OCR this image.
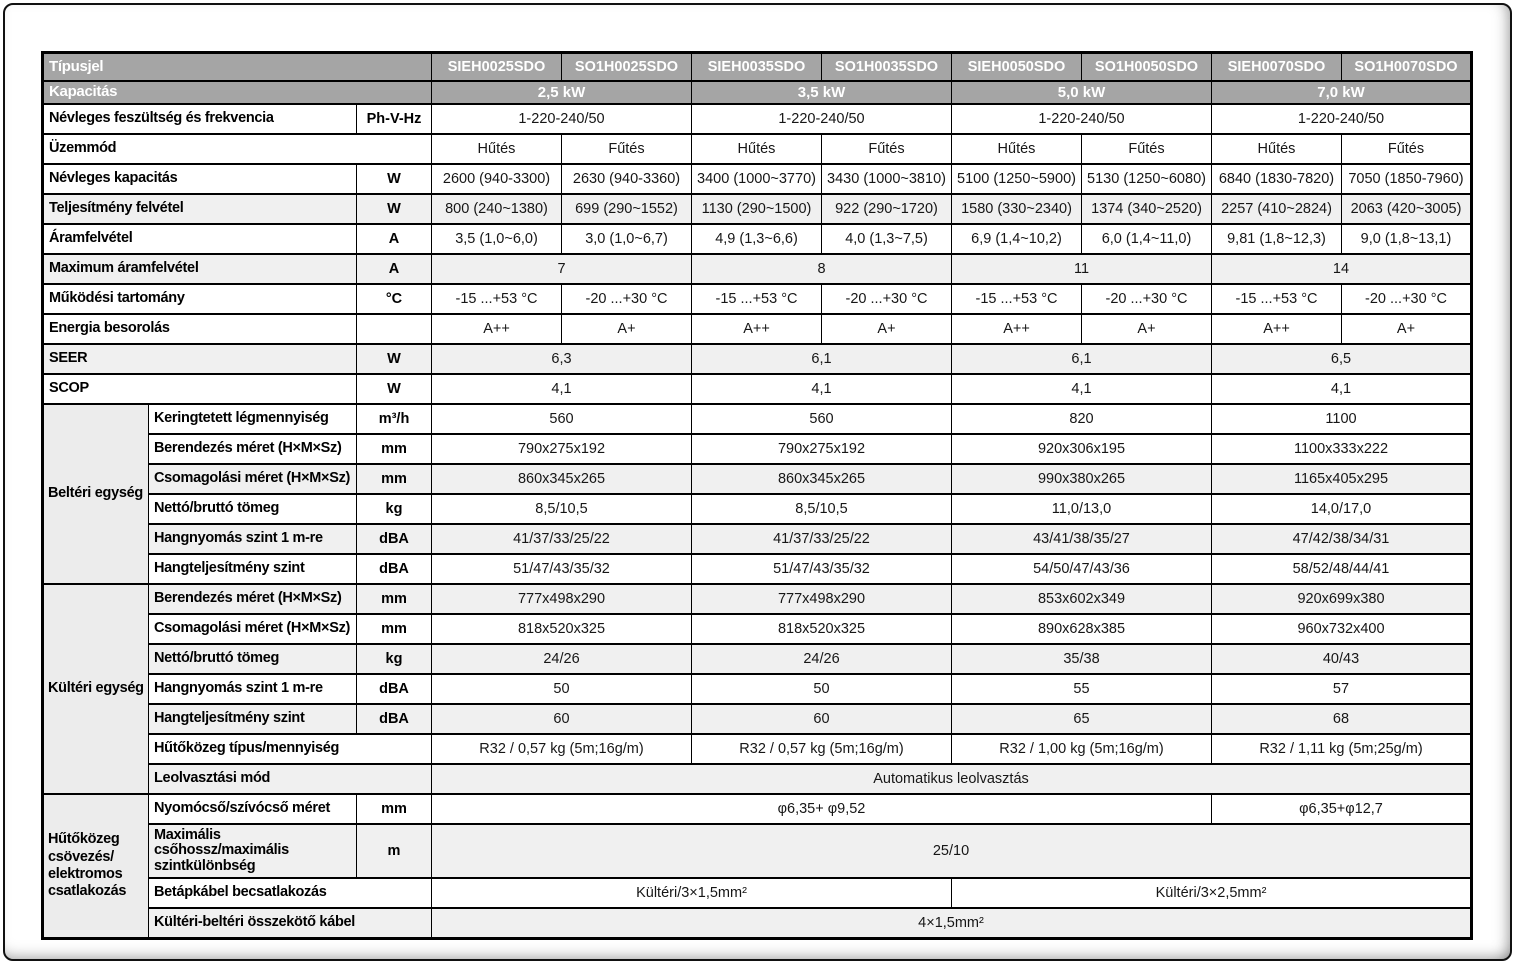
Típusjel			SIEH0025SDO	SO1H0025SDO	SIEH0035SDO	SO1H0035SDO	SIEH0050SDO	SO1H0050SDO	SIEH0070SDO	SO1H0070SDO
Kapacitás			2,5 kW		3,5 kW		5,0 kW		7,0 kW	
Névleges feszültség és frekvencia		Ph-V-Hz	1-220-240/50		1-220-240/50		1-220-240/50		1-220-240/50	
Üzemmód			Hűtés	Fűtés	Hűtés	Fűtés	Hűtés	Fűtés	Hűtés	Fűtés
Névleges kapacitás		W	2600 (940-3300)	2630 (940-3360)	3400 (1000~3770)	3430 (1000~3810)	5100 (1250~5900)	5130 (1250~6080)	6840 (1830-7820)	7050 (1850-7960)
Teljesítmény felvétel		W	800 (240~1380)	699 (290~1552)	1130 (290~1500)	922 (290~1720)	1580 (330~2340)	1374 (340~2520)	2257 (410~2824)	2063 (420~3005)
Áramfelvétel		A	3,5 (1,0~6,0)	3,0 (1,0~6,7)	4,9 (1,3~6,6)	4,0 (1,3~7,5)	6,9 (1,4~10,2)	6,0 (1,4~11,0)	9,81 (1,8~12,3)	9,0 (1,8~13,1)
Maximum áramfelvétel		A	7		8		11		14	
Működési tartomány		°C	-15 ...+53 °C	-20 ...+30 °C	-15 ...+53 °C	-20 ...+30 °C	-15 ...+53 °C	-20 ...+30 °C	-15 ...+53 °C	-20 ...+30 °C
Energia besorolás			A++	A+	A++	A+	A++	A+	A++	A+
SEER		W	6,3		6,1		6,1		6,5	
SCOP		W	4,1		4,1		4,1		4,1	
Beltéri egység	Keringtetett légmennyiség	m³/h	560		560		820		1100	
	Berendezés méret (H×M×Sz)	mm	790x275x192		790x275x192		920x306x195		1100x333x222	
	Csomagolási méret (H×M×Sz)	mm	860x345x265		860x345x265		990x380x265		1165x405x295	
	Nettó/bruttó tömeg	kg	8,5/10,5		8,5/10,5		11,0/13,0		14,0/17,0	
	Hangnyomás szint 1 m-re	dBA	41/37/33/25/22		41/37/33/25/22		43/41/38/35/27		47/42/38/34/31	
	Hangteljesítmény szint	dBA	51/47/43/35/32		51/47/43/35/32		54/50/47/43/36		58/52/48/44/41	
Kültéri egység	Berendezés méret (H×M×Sz)	mm	777x498x290		777x498x290		853x602x349		920x699x380	
	Csomagolási méret (H×M×Sz)	mm	818x520x325		818x520x325		890x628x385		960x732x400	
	Nettó/bruttó tömeg	kg	24/26		24/26		35/38		40/43	
	Hangnyomás szint 1 m-re	dBA	50		50		55		57	
	Hangteljesítmény szint	dBA	60		60		65		68	
	Hűtőközeg típus/mennyiség		R32 / 0,57 kg (5m;16g/m)		R32 / 0,57 kg (5m;16g/m)		R32 / 1,00 kg (5m;16g/m)		R32 / 1,11 kg (5m;25g/m)	
	Leolvasztási mód		Automatikus leolvasztás							
Hűtőközeg csövezés/ elektromos csatlakozás	Nyomócső/szívócső méret	mm	φ6,35+ φ9,52						φ6,35+φ12,7	
	Maximális csőhossz/maximális szintkülönbség	m	25/10							
	Betápkábel becsatlakozás		Kültéri/3×1,5mm²				Kültéri/3×2,5mm²			
	Kültéri-beltéri összekötő kábel		4×1,5mm²							
